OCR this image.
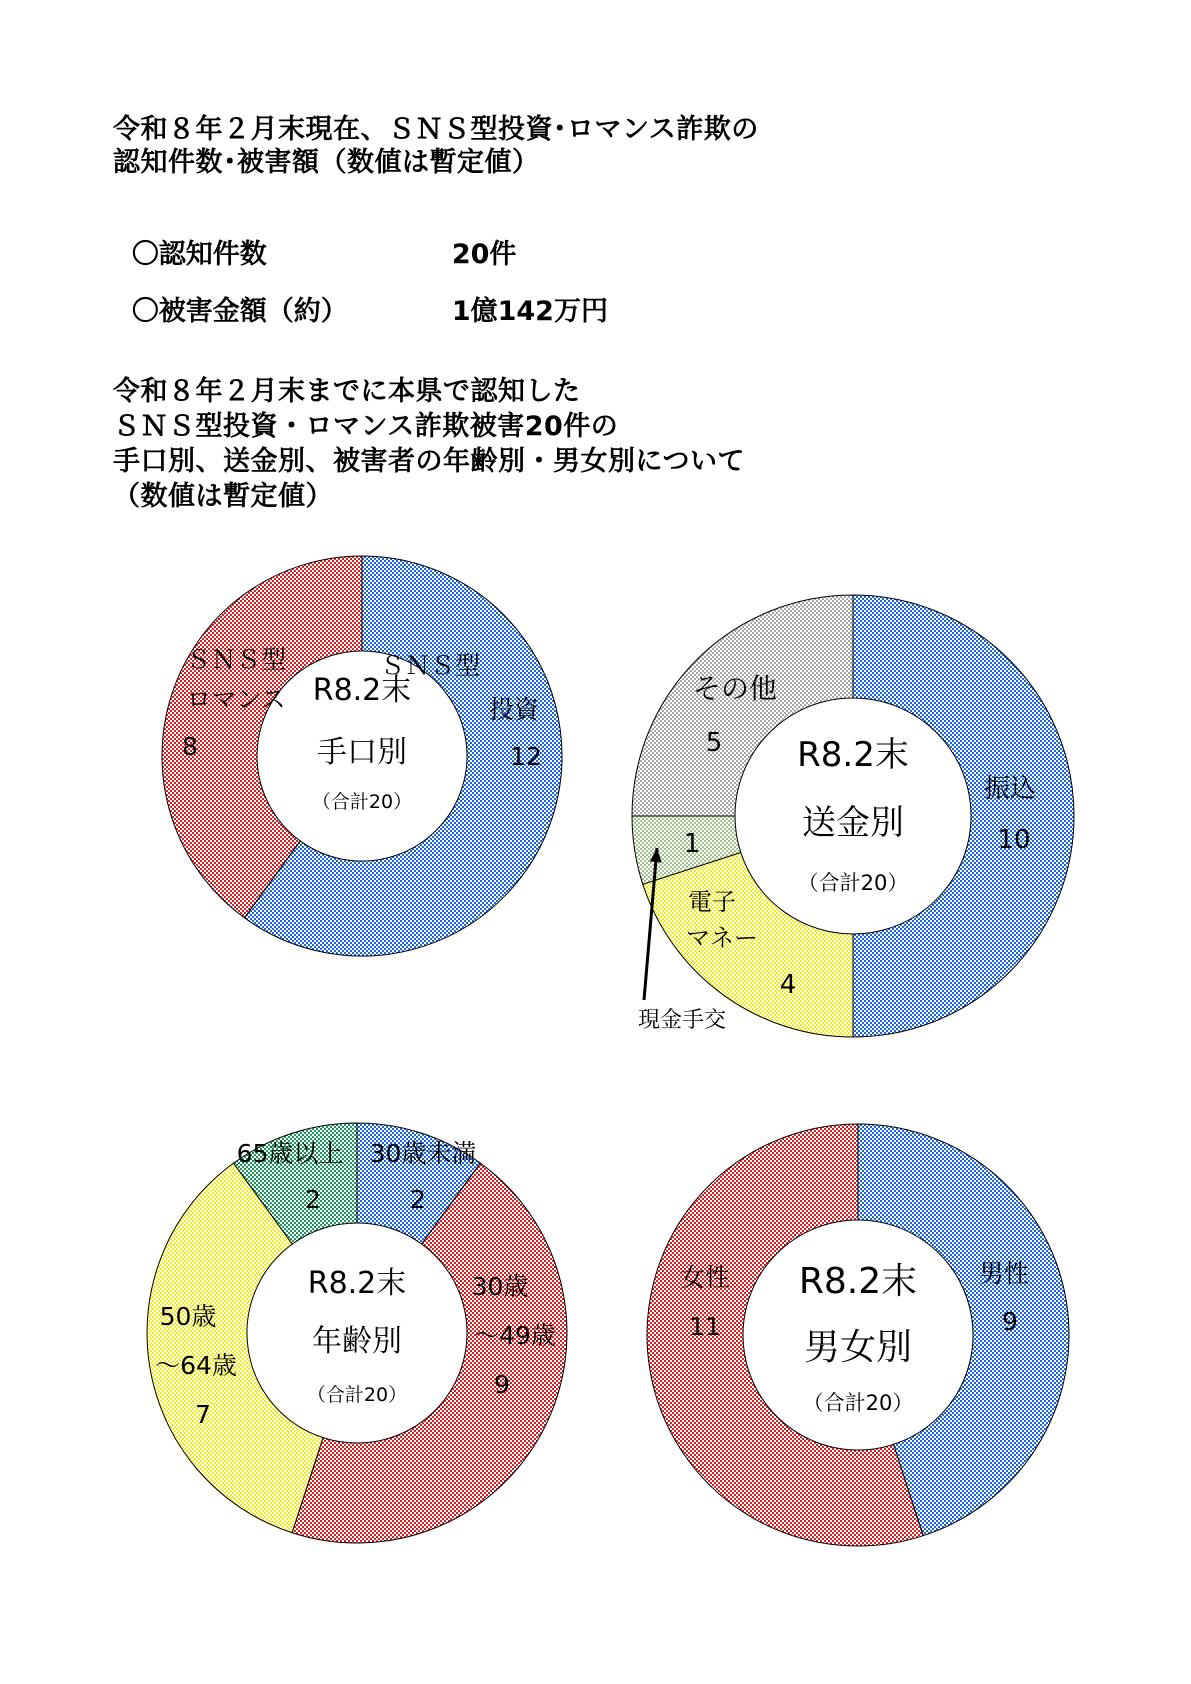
令和８年２月末現在、ＳＮＳ型投資･ロマンス詐欺の
認知件数･被害額（数値は暫定値）

〇認知件数	20件

〇被害金額（約）	1億142万円

令和８年２月末までに本県で認知した
ＳＮＳ型投資・ロマンス詐欺被害20件の
手口別、送金別、被害者の年齢別・男女別について
（数値は暫定値）
ＳＮＳ型
投資
12
ＳＮＳ型
ロマンス
8
R8.2末
手口別
（合計20）	振込
10
電子
マネー
4
1
その他
5 R8.2末
送金別
（合計20）
現金手交
30歳未満
2
30歳
～49歳
9
50歳
～64歳
7
65歳以上
2
R8.2末
年齢別
（合計20）
男性
9
女性
11
R8.2末
男女別
（合計20）
